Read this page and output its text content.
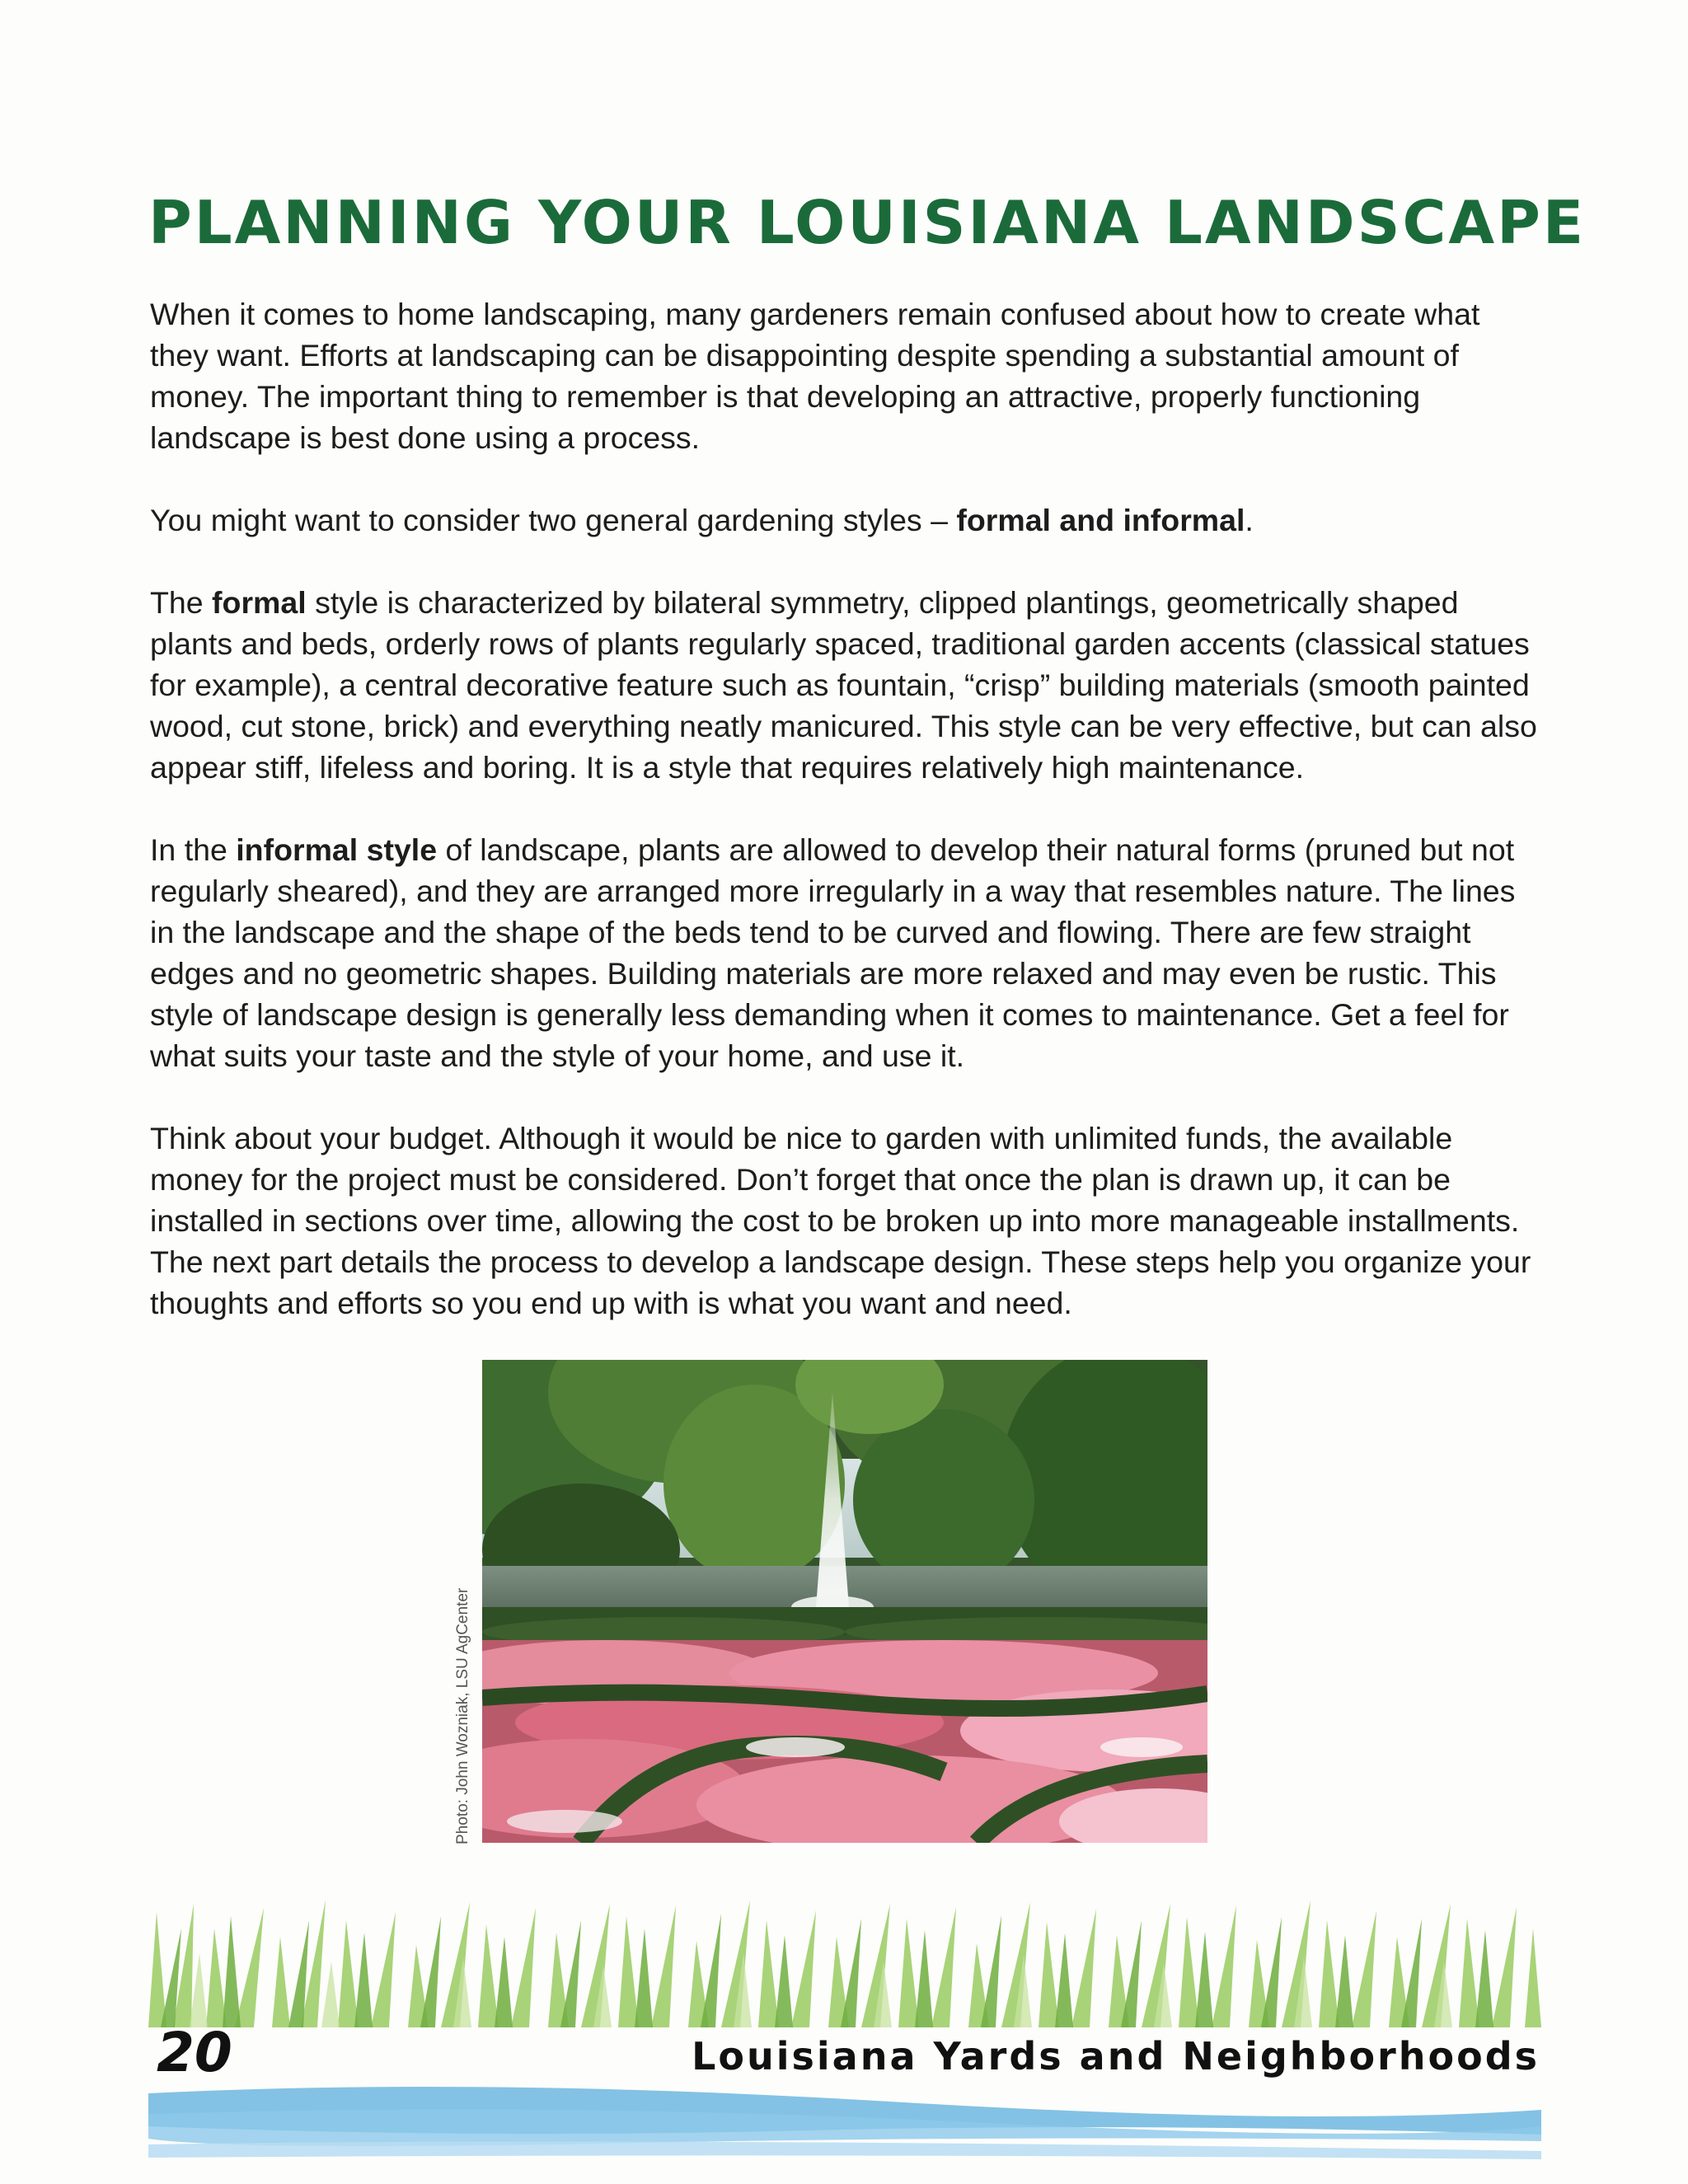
PLANNING YOUR LOUISIANA LANDSCAPE

When it comes to home landscaping, many gardeners remain confused about how to create what they want. Efforts at landscaping can be disappointing despite spending a substantial amount of money. The important thing to remember is that developing an attractive, properly functioning landscape is best done using a process.

You might want to consider two general gardening styles – formal and informal.

The formal style is characterized by bilateral symmetry, clipped plantings, geometrically shaped plants and beds, orderly rows of plants regularly spaced, traditional garden accents (classical statues for example), a central decorative feature such as fountain, “crisp” building materials (smooth painted wood, cut stone, brick) and everything neatly manicured. This style can be very effective, but can also appear stiff, lifeless and boring. It is a style that requires relatively high maintenance.

In the informal style of landscape, plants are allowed to develop their natural forms (pruned but not regularly sheared), and they are arranged more irregularly in a way that resembles nature. The lines in the landscape and the shape of the beds tend to be curved and flowing. There are few straight edges and no geometric shapes. Building materials are more relaxed and may even be rustic. This style of landscape design is generally less demanding when it comes to maintenance. Get a feel for what suits your taste and the style of your home, and use it.

Think about your budget. Although it would be nice to garden with unlimited funds, the available money for the project must be considered. Don’t forget that once the plan is drawn up, it can be installed in sections over time, allowing the cost to be broken up into more manageable installments. The next part details the process to develop a landscape design. These steps help you organize your thoughts and efforts so you end up with is what you want and need.

Photo: John Wozniak, LSU AgCenter
20	Louisiana Yards and Neighborhoods
